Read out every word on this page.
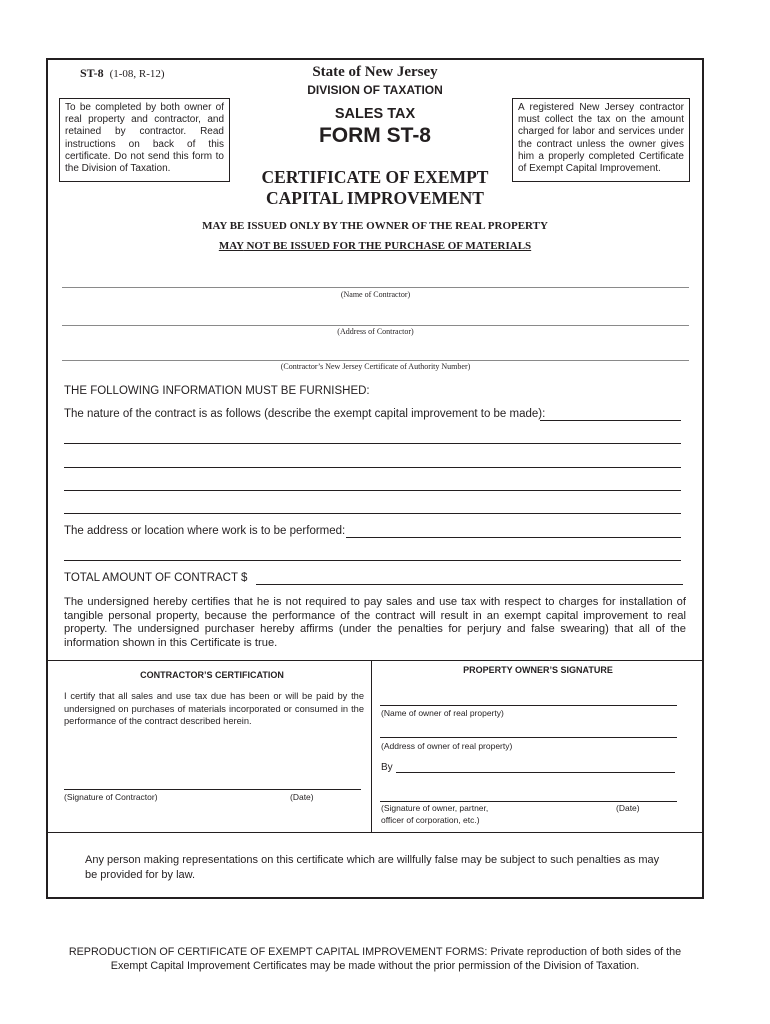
ST-8 (1-08, R-12)	State of New Jersey
DIVISION OF TAXATION
SALES TAX
FORM ST-8
CERTIFICATE OF EXEMPT
CAPITAL IMPROVEMENT
To be completed by both owner of real property and contractor, and retained by contractor. Read instructions on back of this certificate. Do not send this form to the Division of Taxation.
A registered New Jersey contractor must collect the tax on the amount charged for labor and services under the contract unless the owner gives him a properly completed Certificate of Exempt Capital Improvement.
MAY BE ISSUED ONLY BY THE OWNER OF THE REAL PROPERTY
MAY NOT BE ISSUED FOR THE PURCHASE OF MATERIALS
(Name of Contractor)
(Address of Contractor)
(Contractor’s New Jersey Certificate of Authority Number)
THE FOLLOWING INFORMATION MUST BE FURNISHED:
The nature of the contract is as follows (describe the exempt capital improvement to be made):
The address or location where work is to be performed:
TOTAL AMOUNT OF CONTRACT $
The undersigned hereby certifies that he is not required to pay sales and use tax with respect to charges for installation of tangible personal property, because the performance of the contract will result in an exempt capital improvement to real property. The undersigned purchaser hereby affirms (under the penalties for perjury and false swearing) that all of the information shown in this Certificate is true.
CONTRACTOR’S CERTIFICATION
I certify that all sales and use tax due has been or will be paid by the undersigned on purchases of materials incorporated or consumed in the performance of the contract described herein.
(Signature of Contractor)	(Date)
PROPERTY OWNER’S SIGNATURE
(Name of owner of real property)
(Address of owner of real property)
By
(Signature of owner, partner,
officer of corporation, etc.)
(Date)
Any person making representations on this certificate which are willfully false may be subject to such penalties as may be provided for by law.
REPRODUCTION OF CERTIFICATE OF EXEMPT CAPITAL IMPROVEMENT FORMS: Private reproduction of both sides of the Exempt Capital Improvement Certificates may be made without the prior permission of the Division of Taxation.
